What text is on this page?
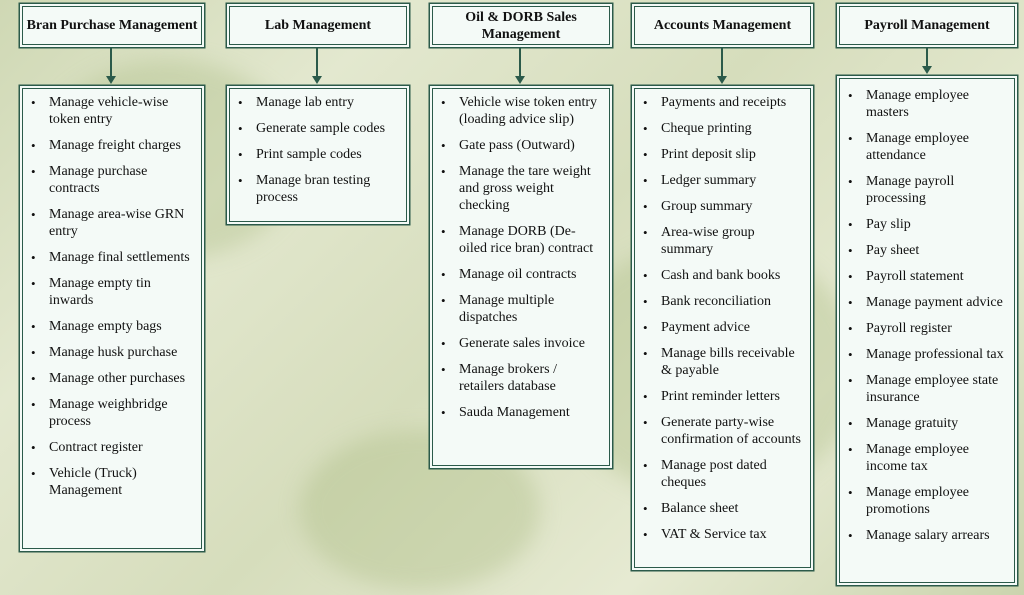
Bran Purchase Management
• Manage vehicle-wise token entry
• Manage freight charges
• Manage purchase contracts
• Manage area-wise GRN entry
• Manage final settlements
• Manage empty tin inwards
• Manage empty bags
• Manage husk purchase
• Manage other purchases
• Manage weighbridge process
• Contract register
• Vehicle (Truck) Management
Lab Management
• Manage lab entry
• Generate sample codes
• Print sample codes
• Manage bran testing process
Oil & DORB Sales Management
• Vehicle wise token entry (loading advice slip)
• Gate pass (Outward)
• Manage the tare weight and gross weight checking
• Manage DORB (De-oiled rice bran) contract
• Manage oil contracts
• Manage multiple dispatches
• Generate sales invoice
• Manage brokers / retailers database
• Sauda Management
Accounts Management
• Payments and receipts
• Cheque printing
• Print deposit slip
• Ledger summary
• Group summary
• Area-wise group summary
• Cash and bank books
• Bank reconciliation
• Payment advice
• Manage bills receivable & payable
• Print reminder letters
• Generate party-wise confirmation of accounts
• Manage post dated cheques
• Balance sheet
• VAT & Service tax
Payroll Management
• Manage employee masters
• Manage employee attendance
• Manage payroll processing
• Pay slip
• Pay sheet
• Payroll statement
• Manage payment advice
• Payroll register
• Manage professional tax
• Manage employee state insurance
• Manage gratuity
• Manage employee income tax
• Manage employee promotions
• Manage salary arrears
